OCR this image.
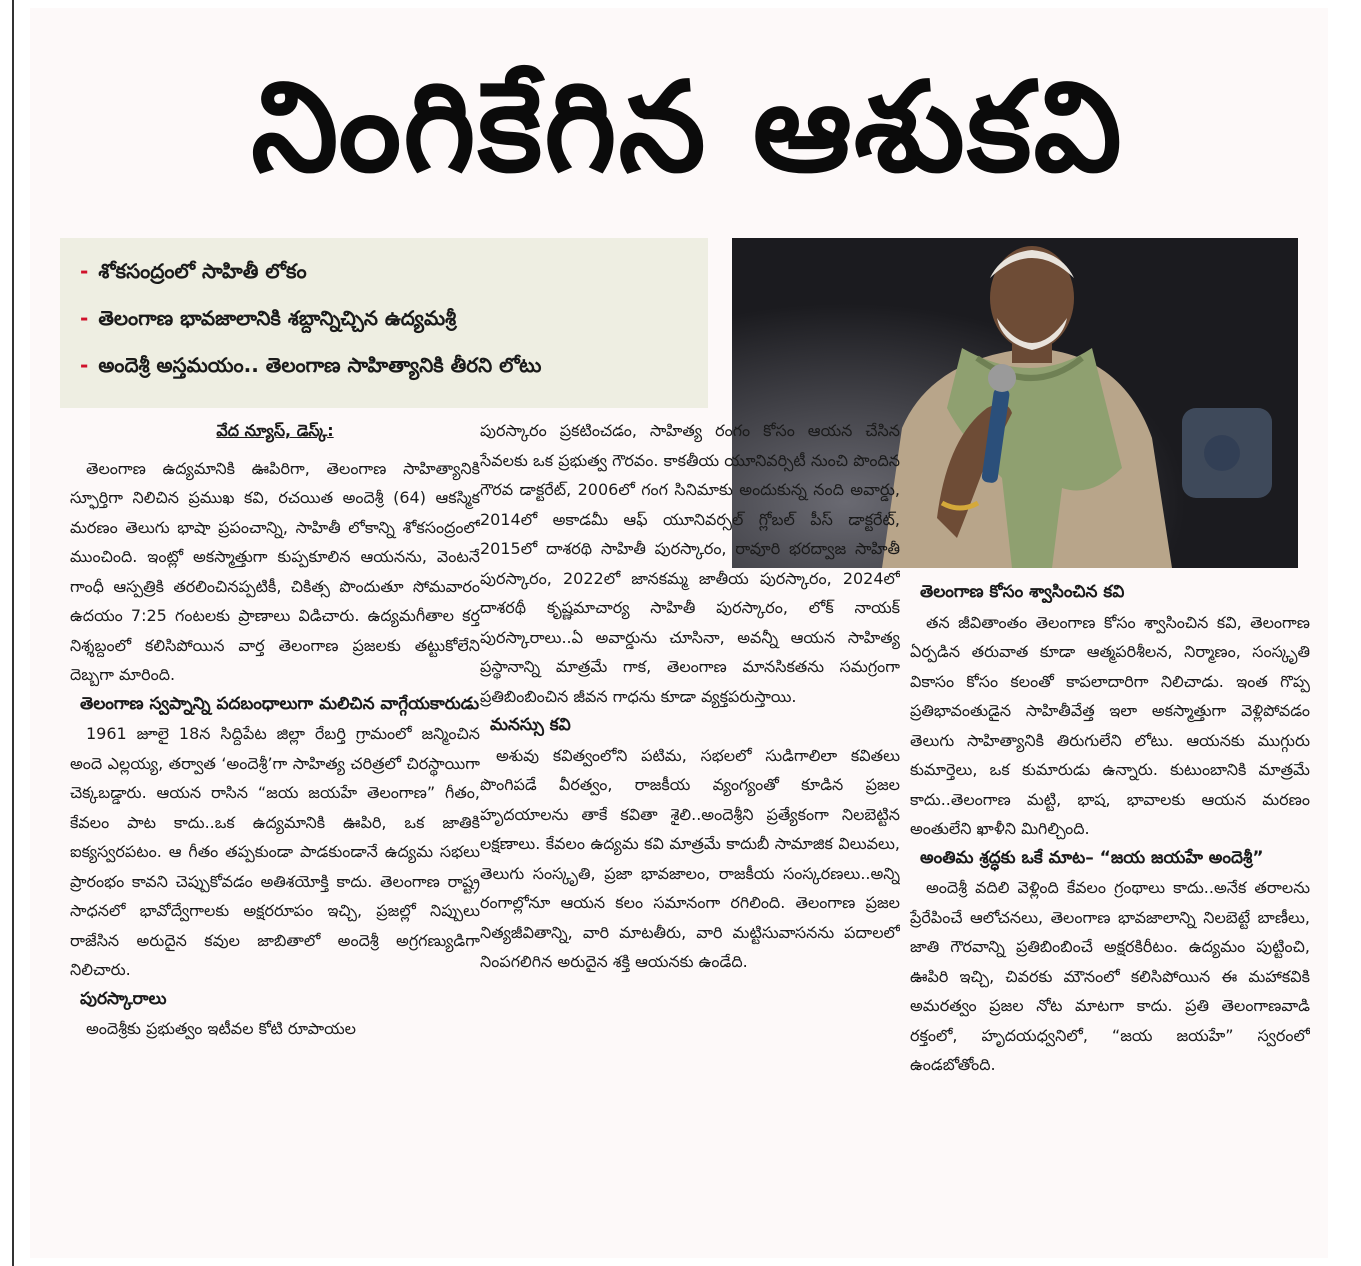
నింగికేగిన ఆశుకవి
- శోకసంద్రంలో సాహితీ లోకం
- తెలంగాణ భావజాలానికి శబ్దాన్నిచ్చిన ఉద్యమశ్రీ
- అందెశ్రీ అస్తమయం.. తెలంగాణ సాహిత్యానికి తీరని లోటు
వేద న్యూస్, డెస్క్:

తెలంగాణ ఉద్యమానికి ఊపిరిగా, తెలంగాణ సాహిత్యానికి స్ఫూర్తిగా నిలిచిన ప్రముఖ కవి, రచయిత అందెశ్రీ (64) ఆకస్మిక మరణం తెలుగు భాషా ప్రపంచాన్ని, సాహితీ లోకాన్ని శోకసంద్రంలో ముంచింది. ఇంట్లో అకస్మాత్తుగా కుప్పకూలిన ఆయనను, వెంటనే గాంధీ ఆస్పత్రికి తరలించినప్పటికీ, చికిత్స పొందుతూ సోమవారం ఉదయం 7:25 గంటలకు ప్రాణాలు విడిచారు. ఉద్యమగీతాల కర్త నిశ్శబ్దంలో కలిసిపోయిన వార్త తెలంగాణ ప్రజలకు తట్టుకోలేని దెబ్బగా మారింది.

తెలంగాణ స్వప్నాన్ని పదబంధాలుగా మలిచిన వాగ్గేయకారుడు

1961 జూలై 18న సిద్దిపేట జిల్లా రేబర్తి గ్రామంలో జన్మించిన అందె ఎల్లయ్య, తర్వాత ‘అందెశ్రీ’గా సాహిత్య చరిత్రలో చిరస్థాయిగా చెక్కబడ్డారు. ఆయన రాసిన “జయ జయహే తెలంగాణ” గీతం, కేవలం పాట కాదు..ఒక ఉద్యమానికి ఊపిరి, ఒక జాతికి ఐక్యస్వరపటం. ఆ గీతం తప్పకుండా పాడకుండానే ఉద్యమ సభలు ప్రారంభం కావని చెప్పుకోవడం అతిశయోక్తి కాదు. తెలంగాణ రాష్ట్ర సాధనలో భావోద్వేగాలకు అక్షరరూపం ఇచ్చి, ప్రజల్లో నిప్పులు రాజేసిన అరుదైన కవుల జాబితాలో అందెశ్రీ అగ్రగణ్యుడిగా నిలిచారు.

పురస్కారాలు

అందెశ్రీకు ప్రభుత్వం ఇటీవల కోటి రూపాయల

పురస్కారం ప్రకటించడం, సాహిత్య రంగం కోసం ఆయన చేసిన సేవలకు ఒక ప్రభుత్వ గౌరవం. కాకతీయ యూనివర్సిటీ నుంచి పొందిన గౌరవ డాక్టరేట్, 2006లో గంగ సినిమాకు అందుకున్న నంది అవార్డు, 2014లో అకాడమీ ఆఫ్ యూనివర్సల్ గ్లోబల్ పీస్ డాక్టరేట్, 2015లో దాశరథి సాహితీ పురస్కారం, రావూరి భరద్వాజ సాహితీ పురస్కారం, 2022లో జానకమ్మ జాతీయ పురస్కారం, 2024లో దాశరథీ కృష్ణమాచార్య సాహితీ పురస్కారం, లోక్ నాయక్ పురస్కారాలు..ఏ అవార్డును చూసినా, అవన్నీ ఆయన సాహిత్య ప్రస్థానాన్ని మాత్రమే గాక, తెలంగాణ మానసికతను సమగ్రంగా ప్రతిబింబించిన జీవన గాధను కూడా వ్యక్తపరుస్తాయి.

మనస్సు కవి

అశువు కవిత్వంలోని పటిమ, సభలలో సుడిగాలిలా కవితలు పొంగిపడే వీరత్వం, రాజకీయ వ్యంగ్యంతో కూడిన ప్రజల హృదయాలను తాకే కవితా శైలి..అందెశ్రీని ప్రత్యేకంగా నిలబెట్టిన లక్షణాలు. కేవలం ఉద్యమ కవి మాత్రమే కాదుబీ సామాజిక విలువలు, తెలుగు సంస్కృతి, ప్రజా భావజాలం, రాజకీయ సంస్కరణలు..అన్ని రంగాల్లోనూ ఆయన కలం సమానంగా రగిలింది. తెలంగాణ ప్రజల నిత్యజీవితాన్ని, వారి మాటతీరు, వారి మట్టిసువాసనను పదాలలో నింపగలిగిన అరుదైన శక్తి ఆయనకు ఉండేది.

తెలంగాణ కోసం శ్వాసించిన కవి

తన జీవితాంతం తెలంగాణ కోసం శ్వాసించిన కవి, తెలంగాణ ఏర్పడిన తరువాత కూడా ఆత్మపరిశీలన, నిర్మాణం, సంస్కృతి వికాసం కోసం కలంతో కాపలాదారిగా నిలిచాడు. ఇంత గొప్ప ప్రతిభావంతుడైన సాహితీవేత్త ఇలా అకస్మాత్తుగా వెళ్లిపోవడం తెలుగు సాహిత్యానికి తిరుగులేని లోటు. ఆయనకు ముగ్గురు కుమార్తెలు, ఒక కుమారుడు ఉన్నారు. కుటుంబానికి మాత్రమే కాదు..తెలంగాణ మట్టి, భాష, భావాలకు ఆయన మరణం అంతులేని ఖాళీని మిగిల్చింది.

అంతిమ శ్రద్ధకు ఒకే మాట– “జయ జయహే అందెశ్రీ”

అందెశ్రీ వదిలి వెళ్లింది కేవలం గ్రంథాలు కాదు..అనేక తరాలను ప్రేరేపించే ఆలోచనలు, తెలంగాణ భావజాలాన్ని నిలబెట్టే బాణీలు, జాతి గౌరవాన్ని ప్రతిబింబించే అక్షరకిరీటం. ఉద్యమం పుట్టించి, ఊపిరి ఇచ్చి, చివరకు మౌనంలో కలిసిపోయిన ఈ మహాకవికి అమరత్వం ప్రజల నోట మాటగా కాదు. ప్రతి తెలంగాణవాడి రక్తంలో, హృదయధ్వనిలో, “జయ జయహే” స్వరంలో ఉండబోతోంది.
